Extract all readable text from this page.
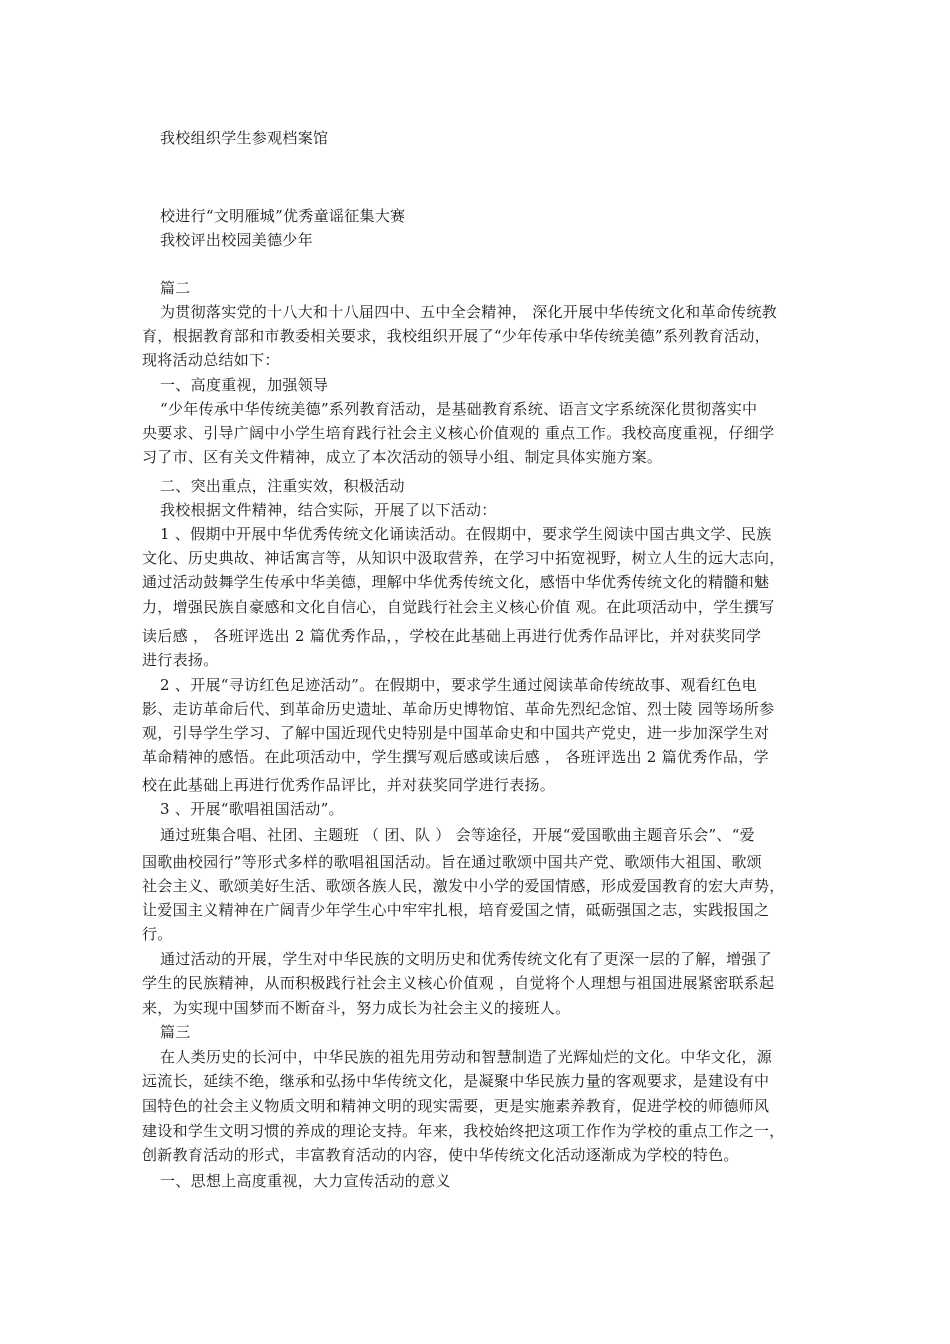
我校组织学生参观档案馆
校进行“文明雁城”优秀童谣征集大赛
我校评出校园美德少年
篇二
为贯彻落实党的十八大和十八届四中、五中全会精神， 深化开展中华传统文化和革命传统教
育，根据教育部和市教委相关要求，我校组织开展了“少年传承中华传统美德”系列教育活动，
现将活动总结如下：
一、高度重视，加强领导
“少年传承中华传统美德”系列教育活动，是基础教育系统、语言文字系统深化贯彻落实中
央要求、引导广阔中小学生培育践行社会主义核心价值观的 重点工作。我校高度重视，仔细学
习了市、区有关文件精神，成立了本次活动的领导小组、制定具体实施方案。
二、突出重点，注重实效，积极活动
我校根据文件精神，结合实际，开展了以下活动：
1 、假期中开展中华优秀传统文化诵读活动。在假期中，要求学生阅读中国古典文学、民族
文化、历史典故、神话寓言等，从知识中汲取营养，在学习中拓宽视野，树立人生的远大志向，
通过活动鼓舞学生传承中华美德，理解中华优秀传统文化，感悟中华优秀传统文化的精髓和魅
力，增强民族自豪感和文化自信心，自觉践行社会主义核心价值 观。在此项活动中，学生撰写
读后感 ， 各班评选出 2 篇优秀作品，，学校在此基础上再进行优秀作品评比，并对获奖同学
进行表扬。
2 、开展“寻访红色足迹活动”。在假期中，要求学生通过阅读革命传统故事、观看红色电
影、走访革命后代、到革命历史遗址、革命历史博物馆、革命先烈纪念馆、烈士陵 园等场所参
观，引导学生学习、了解中国近现代史特别是中国革命史和中国共产党史，进一步加深学生对
革命精神的感悟。在此项活动中，学生撰写观后感或读后感 ， 各班评选出 2 篇优秀作品，学
校在此基础上再进行优秀作品评比，并对获奖同学进行表扬。
3 、开展“歌唱祖国活动”。
通过班集合唱、社团、主题班 （ 团、队 ） 会等途径，开展“爱国歌曲主题音乐会”、“爱
国歌曲校园行”等形式多样的歌唱祖国活动。旨在通过歌颂中国共产党、歌颂伟大祖国、歌颂
社会主义、歌颂美好生活、歌颂各族人民，激发中小学的爱国情感，形成爱国教育的宏大声势，
让爱国主义精神在广阔青少年学生心中牢牢扎根，培育爱国之情，砥砺强国之志，实践报国之
行。
通过活动的开展，学生对中华民族的文明历史和优秀传统文化有了更深一层的了解，增强了
学生的民族精神，从而积极践行社会主义核心价值观 ，自觉将个人理想与祖国进展紧密联系起
来，为实现中国梦而不断奋斗，努力成长为社会主义的接班人。
篇三
在人类历史的长河中，中华民族的祖先用劳动和智慧制造了光辉灿烂的文化。中华文化，源
远流长，延续不绝，继承和弘扬中华传统文化，是凝聚中华民族力量的客观要求，是建设有中
国特色的社会主义物质文明和精神文明的现实需要，更是实施素养教育，促进学校的师德师风
建设和学生文明习惯的养成的理论支持。年来，我校始终把这项工作作为学校的重点工作之一，
创新教育活动的形式，丰富教育活动的内容，使中华传统文化活动逐渐成为学校的特色。
一、思想上高度重视，大力宣传活动的意义
